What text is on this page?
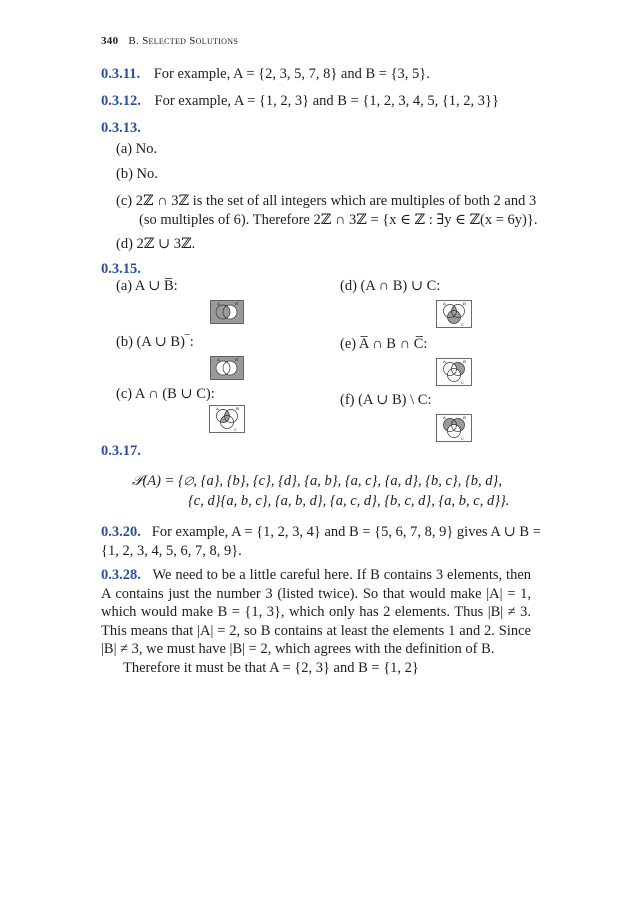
340 B. Selected Solutions
0.3.11. For example, A = {2, 3, 5, 7, 8} and B = {3, 5}.
0.3.12. For example, A = {1, 2, 3} and B = {1, 2, 3, 4, 5, {1, 2, 3}}
0.3.13.
(a) No.
(b) No.
(c) 2ℤ ∩ 3ℤ is the set of all integers which are multiples of both 2 and 3
(so multiples of 6). Therefore 2ℤ ∩ 3ℤ = {x ∈ ℤ : ∃y ∈ ℤ(x = 6y)}.
(d) 2ℤ ∪ 3ℤ.
0.3.15.
(a) A ∪ B̅:
(b) (A ∪ B)‾:
(c) A ∩ (B ∪ C):
(d) (A ∩ B) ∪ C:
(e) A̅ ∩ B ∩ C̅:
(f) (A ∪ B) \ C:
A	B
A	B
A	B
C
A	B
C
A	B
C
A	B
C
0.3.17.
𝒫(A) = {∅, {a}, {b}, {c}, {d}, {a, b}, {a, c}, {a, d}, {b, c}, {b, d},
{c, d}{a, b, c}, {a, b, d}, {a, c, d}, {b, c, d}, {a, b, c, d}}.
0.3.20. For example, A = {1, 2, 3, 4} and B = {5, 6, 7, 8, 9} gives A ∪ B =
{1, 2, 3, 4, 5, 6, 7, 8, 9}.
0.3.28. We need to be a little careful here. If B contains 3 elements, then
A contains just the number 3 (listed twice). So that would make |A| = 1,
which would make B = {1, 3}, which only has 2 elements. Thus |B| ≠ 3.
This means that |A| = 2, so B contains at least the elements 1 and 2. Since
|B| ≠ 3, we must have |B| = 2, which agrees with the definition of B.
Therefore it must be that A = {2, 3} and B = {1, 2}
